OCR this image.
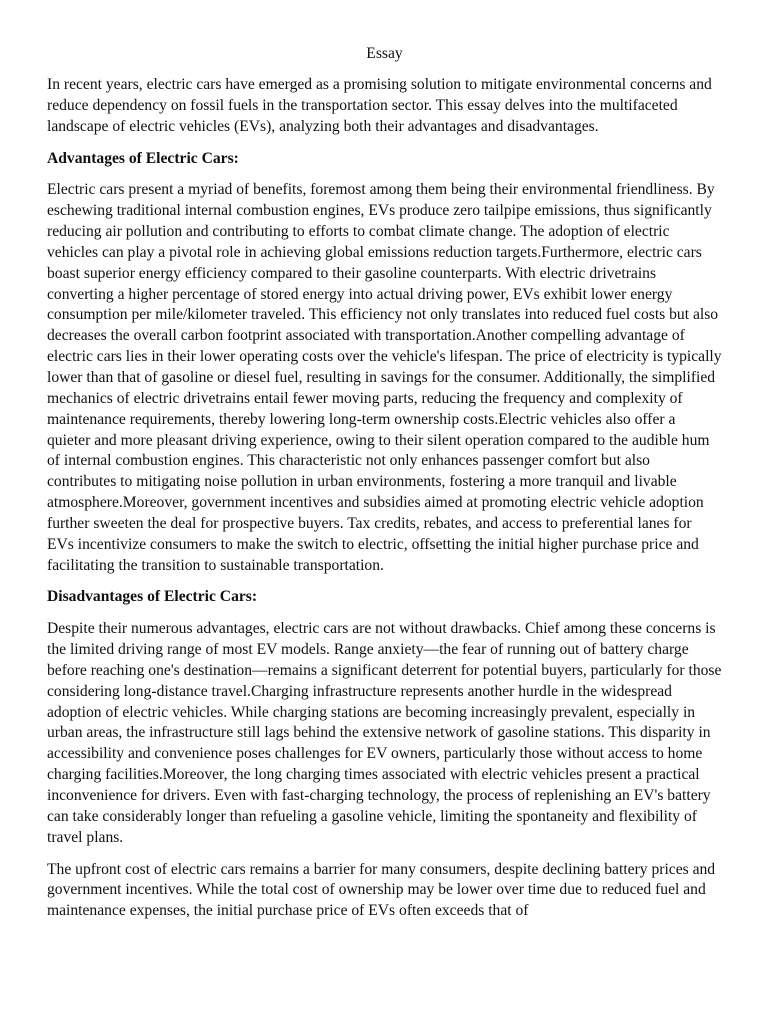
Essay

In recent years, electric cars have emerged as a promising solution to mitigate environmental concerns and reduce dependency on fossil fuels in the transportation sector. This essay delves into the multifaceted landscape of electric vehicles (EVs), analyzing both their advantages and disadvantages.

Advantages of Electric Cars:

Electric cars present a myriad of benefits, foremost among them being their environmental friendliness. By eschewing traditional internal combustion engines, EVs produce zero tailpipe emissions, thus significantly reducing air pollution and contributing to efforts to combat climate change. The adoption of electric vehicles can play a pivotal role in achieving global emissions reduction targets.Furthermore, electric cars boast superior energy efficiency compared to their gasoline counterparts. With electric drivetrains converting a higher percentage of stored energy into actual driving power, EVs exhibit lower energy consumption per mile/kilometer traveled. This efficiency not only translates into reduced fuel costs but also decreases the overall carbon footprint associated with transportation.Another compelling advantage of electric cars lies in their lower operating costs over the vehicle's lifespan. The price of electricity is typically lower than that of gasoline or diesel fuel, resulting in savings for the consumer. Additionally, the simplified mechanics of electric drivetrains entail fewer moving parts, reducing the frequency and complexity of maintenance requirements, thereby lowering long-term ownership costs.Electric vehicles also offer a quieter and more pleasant driving experience, owing to their silent operation compared to the audible hum of internal combustion engines. This characteristic not only enhances passenger comfort but also contributes to mitigating noise pollution in urban environments, fostering a more tranquil and livable atmosphere.Moreover, government incentives and subsidies aimed at promoting electric vehicle adoption further sweeten the deal for prospective buyers. Tax credits, rebates, and access to preferential lanes for EVs incentivize consumers to make the switch to electric, offsetting the initial higher purchase price and facilitating the transition to sustainable transportation.

Disadvantages of Electric Cars:

Despite their numerous advantages, electric cars are not without drawbacks. Chief among these concerns is the limited driving range of most EV models. Range anxiety—the fear of running out of battery charge before reaching one's destination—remains a significant deterrent for potential buyers, particularly for those considering long-distance travel.Charging infrastructure represents another hurdle in the widespread adoption of electric vehicles. While charging stations are becoming increasingly prevalent, especially in urban areas, the infrastructure still lags behind the extensive network of gasoline stations. This disparity in accessibility and convenience poses challenges for EV owners, particularly those without access to home charging facilities.Moreover, the long charging times associated with electric vehicles present a practical inconvenience for drivers. Even with fast-charging technology, the process of replenishing an EV's battery can take considerably longer than refueling a gasoline vehicle, limiting the spontaneity and flexibility of travel plans.

The upfront cost of electric cars remains a barrier for many consumers, despite declining battery prices and government incentives. While the total cost of ownership may be lower over time due to reduced fuel and maintenance expenses, the initial purchase price of EVs often exceeds that of
